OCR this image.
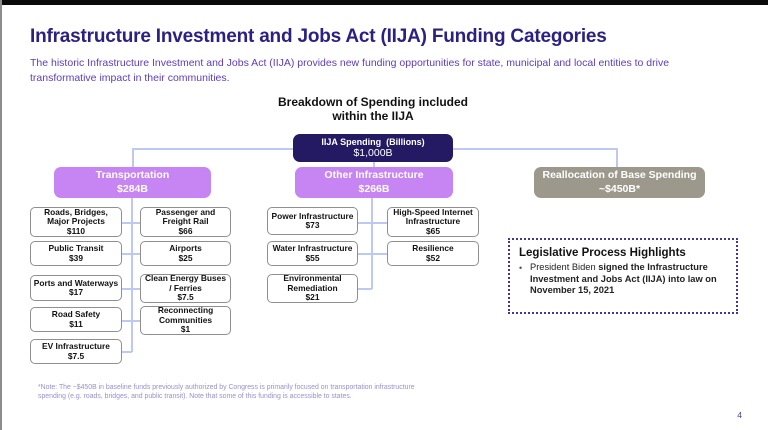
Infrastructure Investment and Jobs Act (IIJA) Funding Categories
The historic Infrastructure Investment and Jobs Act (IIJA) provides new funding opportunities for state, municipal and local entities to drive transformative impact in their communities.
Breakdown of Spending included
within the IIJA
IIJA Spending  (Billions)
$1,000B
Transportation
$284B
Other Infrastructure
$266B
Reallocation of Base Spending
~$450B*
Roads, Bridges, Major Projects
$110
Public Transit
$39
Ports and Waterways
$17
Road Safety
$11
EV Infrastructure
$7.5
Passenger and Freight Rail
$66
Airports
$25
Clean Energy Buses / Ferries
$7.5
Reconnecting Communities
$1
Power Infrastructure
$73
Water Infrastructure
$55
Environmental Remediation
$21
High-Speed Internet Infrastructure
$65
Resilience
$52	Legislative Process Highlights
• President Biden signed the Infrastructure Investment and Jobs Act (IIJA) into law on November 15, 2021
*Note: The ~$450B in baseline funds previously authorized by Congress is primarily focused on transportation infrastructure
spending (e.g. roads, bridges, and public transit). Note that some of this funding is accessible to states.
4
